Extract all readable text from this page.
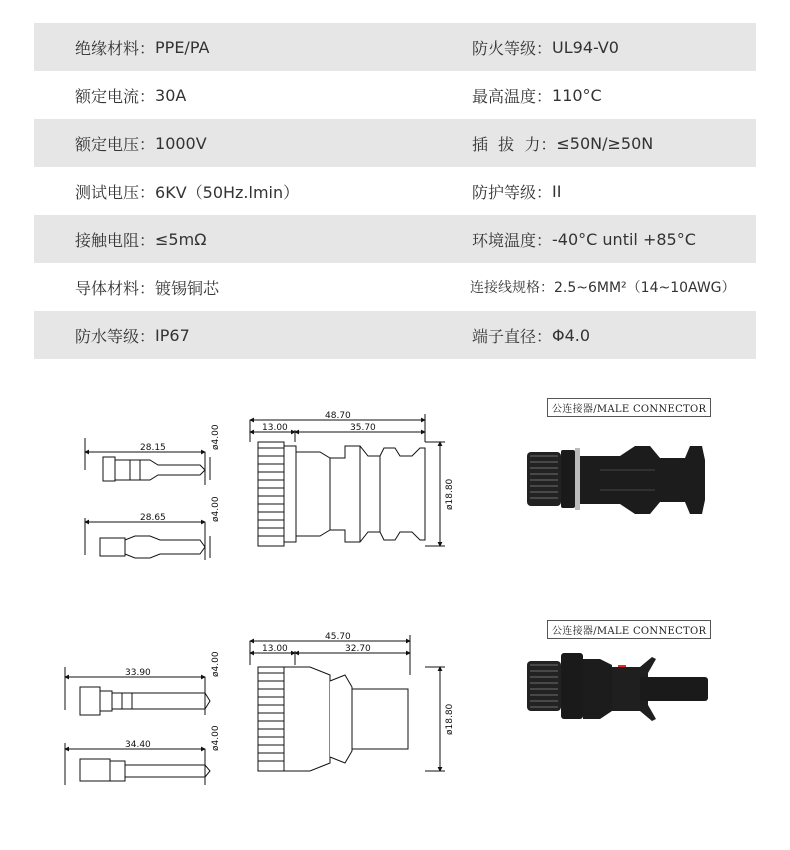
绝缘材料： PPE/PA	防火等级： UL94-V0
额定电流： 30A	最高温度： 110°C
额定电压： 1000V	插  拔  力： ≤50N/≥50N
测试电压： 6KV（50Hz.lmin）	防护等级： II
接触电阻： ≤5mΩ	环境温度： -40°C until +85°C
导体材料： 镀锡铜芯	连接线规格： 2.5~6MM²（14~10AWG）
防水等级： IP67	端子直径： Φ4.0
28.15	ø4.00
28.65	ø4.00
48.70
13.00	35.70
ø18.80
公连接器/MALE CONNECTOR
33.90	ø4.00
34.40	ø4.00
45.70
13.00	32.70
ø18.80
公连接器/MALE CONNECTOR
